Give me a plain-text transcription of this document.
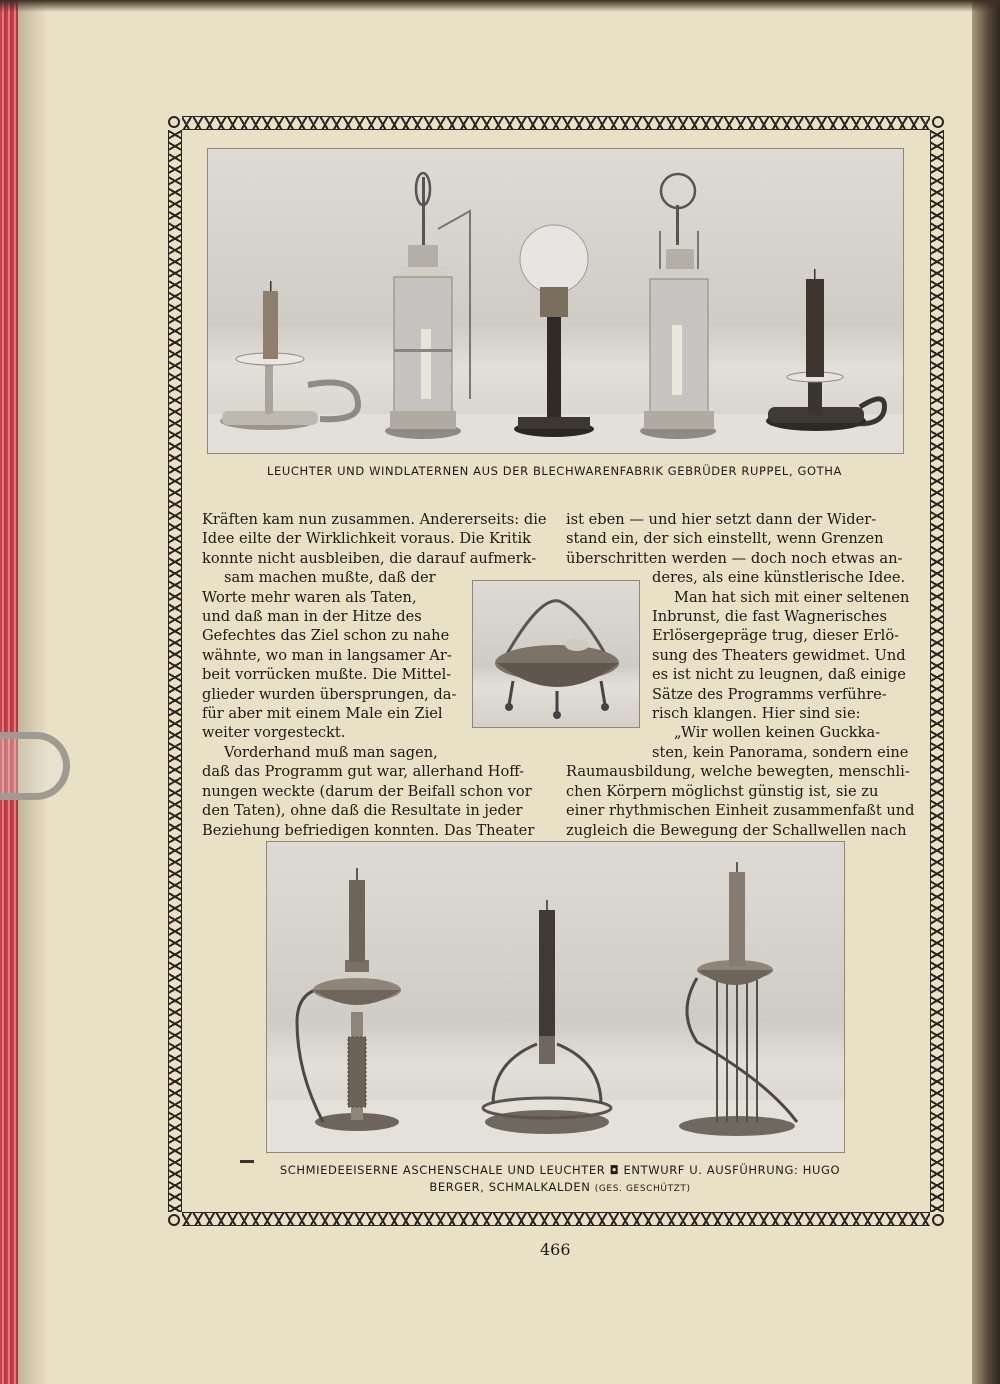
LEUCHTER UND WINDLATERNEN AUS DER BLECHWARENFABRIK GEBRÜDER RUPPEL, GOTHA

Kräften kam nun zusammen. Andererseits: die

Idee eilte der Wirklichkeit voraus. Die Kritik

konnte nicht ausbleiben, die darauf aufmerk-

sam machen mußte, daß der

Worte mehr waren als Taten,

und daß man in der Hitze des

Gefechtes das Ziel schon zu nahe

wähnte, wo man in langsamer Ar-

beit vorrücken mußte. Die Mittel-

glieder wurden übersprungen, da-

für aber mit einem Male ein Ziel

weiter vorgesteckt.

Vorderhand muß man sagen,

daß das Programm gut war, allerhand Hoff-

nungen weckte (darum der Beifall schon vor

den Taten), ohne daß die Resultate in jeder

Beziehung befriedigen konnten. Das Theater

ist eben — und hier setzt dann der Wider-

stand ein, der sich einstellt, wenn Grenzen

überschritten werden — doch noch etwas an-

deres, als eine künstlerische Idee.

Man hat sich mit einer seltenen

Inbrunst, die fast Wagnerisches

Erlösergepräge trug, dieser Erlö-

sung des Theaters gewidmet. Und

es ist nicht zu leugnen, daß einige

Sätze des Programms verführe-

risch klangen. Hier sind sie:

„Wir wollen keinen Guckka-

sten, kein Panorama, sondern eine

Raumausbildung, welche bewegten, menschli-

chen Körpern möglichst günstig ist, sie zu

einer rhythmischen Einheit zusammenfaßt und

zugleich die Bewegung der Schallwellen nach

SCHMIEDEEISERNE ASCHENSCHALE UND LEUCHTER ◘ ENTWURF U. AUSFÜHRUNG: HUGO
BERGER, SCHMALKALDEN (GES. GESCHÜTZT)
466
